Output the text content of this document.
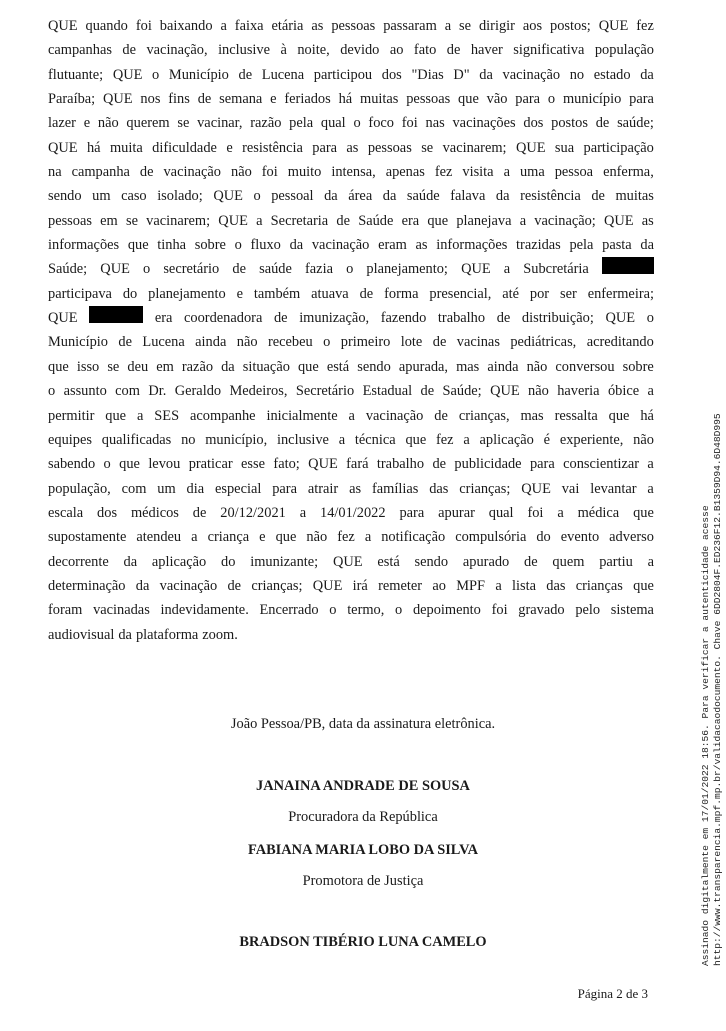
QUE quando foi baixando a faixa etária as pessoas passaram a se dirigir aos postos; QUE fez
campanhas de vacinação, inclusive à noite, devido ao fato de haver significativa população
flutuante; QUE o Município de Lucena participou dos "Dias D" da vacinação no estado da
Paraíba; QUE nos fins de semana e feriados há muitas pessoas que vão para o município para
lazer e não querem se vacinar, razão pela qual o foco foi nas vacinações dos postos de saúde;
QUE há muita dificuldade e resistência para as pessoas se vacinarem; QUE sua participação
na campanha de vacinação não foi muito intensa, apenas fez visita a uma pessoa enferma,
sendo um caso isolado; QUE o pessoal da área da saúde falava da resistência de muitas
pessoas em se vacinarem; QUE a Secretaria de Saúde era que planejava a vacinação; QUE as
informações que tinha sobre o fluxo da vacinação eram as informações trazidas pela pasta da
Saúde; QUE o secretário de saúde fazia o planejamento; QUE a Subcretária
participava do planejamento e também atuava de forma presencial, até por ser enfermeira;
QUE	era coordenadora de imunização, fazendo trabalho de distribuição; QUE o
Município de Lucena ainda não recebeu o primeiro lote de vacinas pediátricas, acreditando
que isso se deu em razão da situação que está sendo apurada, mas ainda não conversou sobre
o assunto com Dr. Geraldo Medeiros, Secretário Estadual de Saúde; QUE não haveria óbice a
permitir que a SES acompanhe inicialmente a vacinação de crianças, mas ressalta que há
equipes qualificadas no município, inclusive a técnica que fez a aplicação é experiente, não
sabendo o que levou praticar esse fato; QUE fará trabalho de publicidade para conscientizar a
população, com um dia especial para atrair as famílias das crianças; QUE vai levantar a
escala dos médicos de 20/12/2021 a 14/01/2022 para apurar qual foi a médica que
supostamente atendeu a criança e que não fez a notificação compulsória do evento adverso
decorrente da aplicação do imunizante; QUE está sendo apurado de quem partiu a
determinação da vacinação de crianças; QUE irá remeter ao MPF a lista das crianças que
foram vacinadas indevidamente. Encerrado o termo, o depoimento foi gravado pelo sistema
audiovisual da plataforma zoom.
João Pessoa/PB, data da assinatura eletrônica.
JANAINA ANDRADE DE SOUSA
Procuradora da República
FABIANA MARIA LOBO DA SILVA
Promotora de Justiça
BRADSON TIBÉRIO LUNA CAMELO	Assinado digitalmente em 17/01/2022 18:56. Para verificar a autenticidade acesse http://www.transparencia.mpf.mp.br/validacaodocumento. Chave 6DD2804F.ED236F12.B1359D94.6D48D995
Página 2 de 3
